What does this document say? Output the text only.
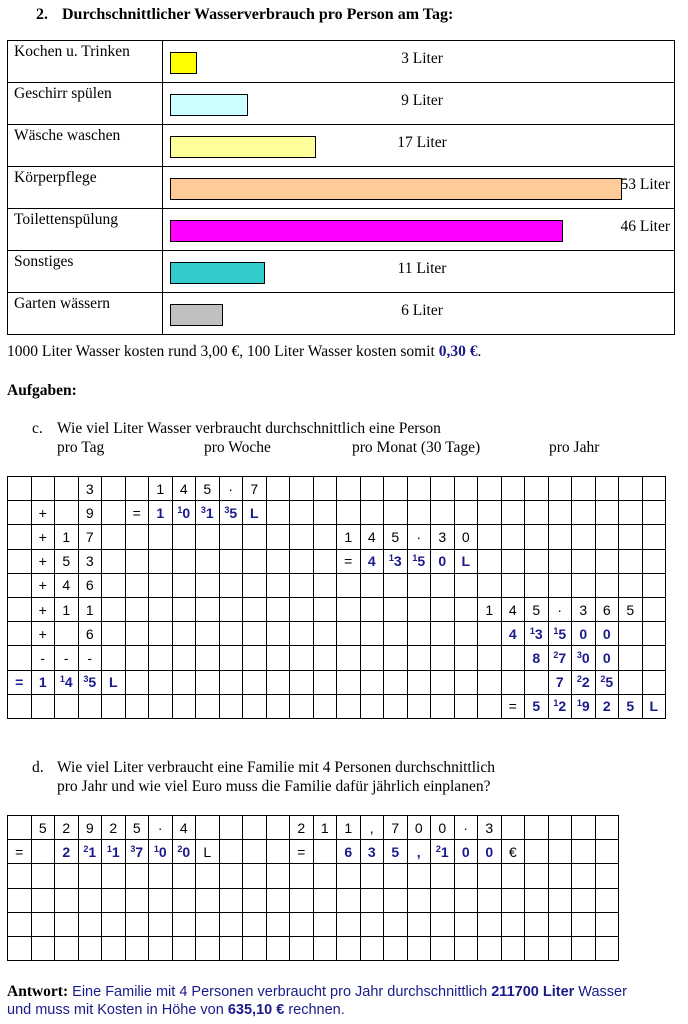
2. Durchschnittlicher Wasserverbrauch pro Person am Tag:
Kochen u. Trinken	3 Liter

Geschirr spülen	9 Liter

Wäsche waschen	17 Liter

Körperpflege	53 Liter

Toilettenspülung	46 Liter

Sonstiges	11 Liter

Garten wässern	6 Liter
1000 Liter Wasser kosten rund 3,00 €, 100 Liter Wasser kosten somit 0,30 €.
Aufgaben:
c. Wie viel Liter Wasser verbraucht durchschnittlich eine Person
pro Tag	pro Woche	pro Monat (30 Tage)	pro Jahr
			3			1	4	5	·	7																	
	+		9		=	1	$^1$0	$^3$1	$^3$5	L																	
	+	1	7											1	4	5	·	3	0								
	+	5	3											=	4	$^1$3	$^1$5	0	L								
	+	4	6																								
	+	1	1																	1	4	5	·	3	6	5	
	+		6																		4	$^1$3	$^1$5	0	0		
	-	-	-																			8	$^2$7	$^3$0	0		
=	1	$^1$4	$^3$5	L																			7	$^2$2	$^2$5		
																					=	5	$^1$2	$^1$9	2	5	L
d. Wie viel Liter verbraucht eine Familie mit 4 Personen durchschnittlich
pro Jahr und wie viel Euro muss die Familie dafür jährlich einplanen?
	5	2	9	2	5	·	4					2	1	1	,	7	0	0	·	3					
=		2	$^2$1	$^1$1	$^3$7	$^1$0	$^2$0	L				=		6	3	5	,	$^2$1	0	0	€				

Antwort: Eine Familie mit 4 Personen verbraucht pro Jahr durchschnittlich 211700 Liter Wasser
und muss mit Kosten in Höhe von 635,10 € rechnen.
